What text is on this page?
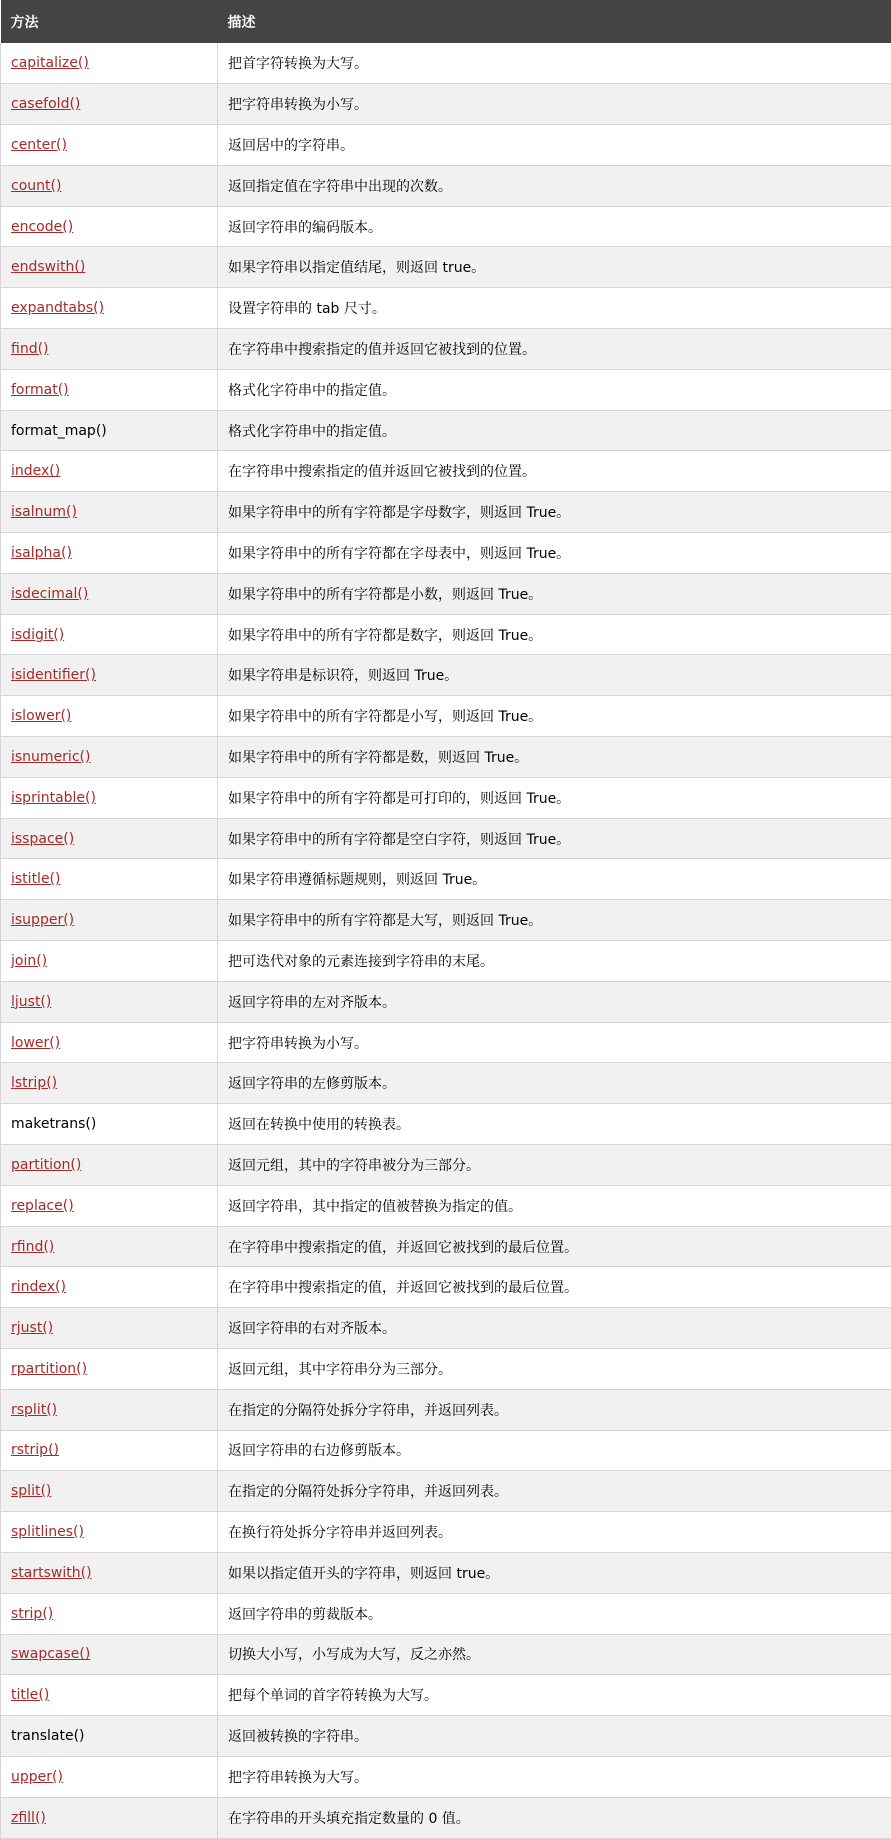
方法	描述
capitalize()	把首字符转换为大写。
casefold()	把字符串转换为小写。
center()	返回居中的字符串。
count()	返回指定值在字符串中出现的次数。
encode()	返回字符串的编码版本。
endswith()	如果字符串以指定值结尾，则返回 true。
expandtabs()	设置字符串的 tab 尺寸。
find()	在字符串中搜索指定的值并返回它被找到的位置。
format()	格式化字符串中的指定值。
format_map()	格式化字符串中的指定值。
index()	在字符串中搜索指定的值并返回它被找到的位置。
isalnum()	如果字符串中的所有字符都是字母数字，则返回 True。
isalpha()	如果字符串中的所有字符都在字母表中，则返回 True。
isdecimal()	如果字符串中的所有字符都是小数，则返回 True。
isdigit()	如果字符串中的所有字符都是数字，则返回 True。
isidentifier()	如果字符串是标识符，则返回 True。
islower()	如果字符串中的所有字符都是小写，则返回 True。
isnumeric()	如果字符串中的所有字符都是数，则返回 True。
isprintable()	如果字符串中的所有字符都是可打印的，则返回 True。
isspace()	如果字符串中的所有字符都是空白字符，则返回 True。
istitle()	如果字符串遵循标题规则，则返回 True。
isupper()	如果字符串中的所有字符都是大写，则返回 True。
join()	把可迭代对象的元素连接到字符串的末尾。
ljust()	返回字符串的左对齐版本。
lower()	把字符串转换为小写。
lstrip()	返回字符串的左修剪版本。
maketrans()	返回在转换中使用的转换表。
partition()	返回元组，其中的字符串被分为三部分。
replace()	返回字符串，其中指定的值被替换为指定的值。
rfind()	在字符串中搜索指定的值，并返回它被找到的最后位置。
rindex()	在字符串中搜索指定的值，并返回它被找到的最后位置。
rjust()	返回字符串的右对齐版本。
rpartition()	返回元组，其中字符串分为三部分。
rsplit()	在指定的分隔符处拆分字符串，并返回列表。
rstrip()	返回字符串的右边修剪版本。
split()	在指定的分隔符处拆分字符串，并返回列表。
splitlines()	在换行符处拆分字符串并返回列表。
startswith()	如果以指定值开头的字符串，则返回 true。
strip()	返回字符串的剪裁版本。
swapcase()	切换大小写，小写成为大写，反之亦然。
title()	把每个单词的首字符转换为大写。
translate()	返回被转换的字符串。
upper()	把字符串转换为大写。
zfill()	在字符串的开头填充指定数量的 0 值。
